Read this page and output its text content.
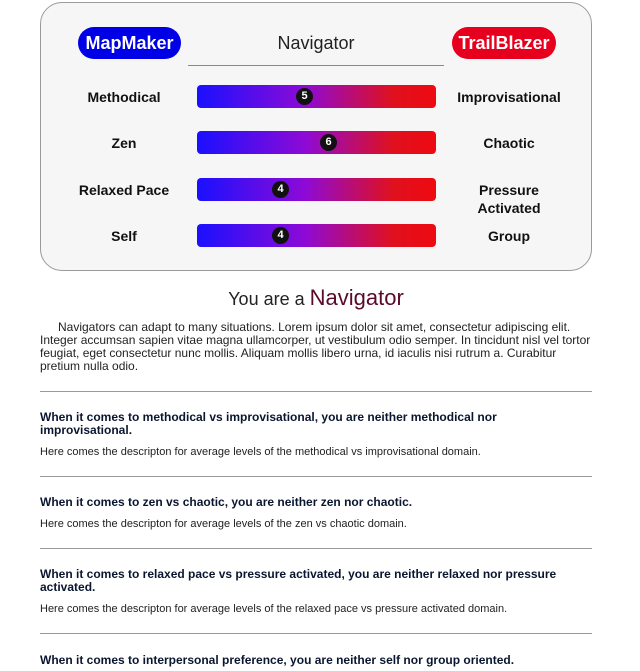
MapMaker	Navigator	TrailBlazer
Methodical	5	Improvisational
Zen	6	Chaotic
Relaxed Pace	4	Pressure Activated
Self	4	Group
You are a Navigator

Navigators can adapt to many situations. Lorem ipsum dolor sit amet, consectetur adipiscing elit. Integer accumsan sapien vitae magna ullamcorper, ut vestibulum odio semper. In tincidunt nisl vel tortor feugiat, eget consectetur nunc mollis. Aliquam mollis libero urna, id iaculis nisi rutrum a. Curabitur pretium nulla odio.

When it comes to methodical vs improvisational, you are neither methodical nor improvisational.
Here comes the descripton for average levels of the methodical vs improvisational domain.
When it comes to zen vs chaotic, you are neither zen nor chaotic.
Here comes the descripton for average levels of the zen vs chaotic domain.
When it comes to relaxed pace vs pressure activated, you are neither relaxed nor pressure activated.
Here comes the descripton for average levels of the relaxed pace vs pressure activated domain.
When it comes to interpersonal preference, you are neither self nor group oriented.
